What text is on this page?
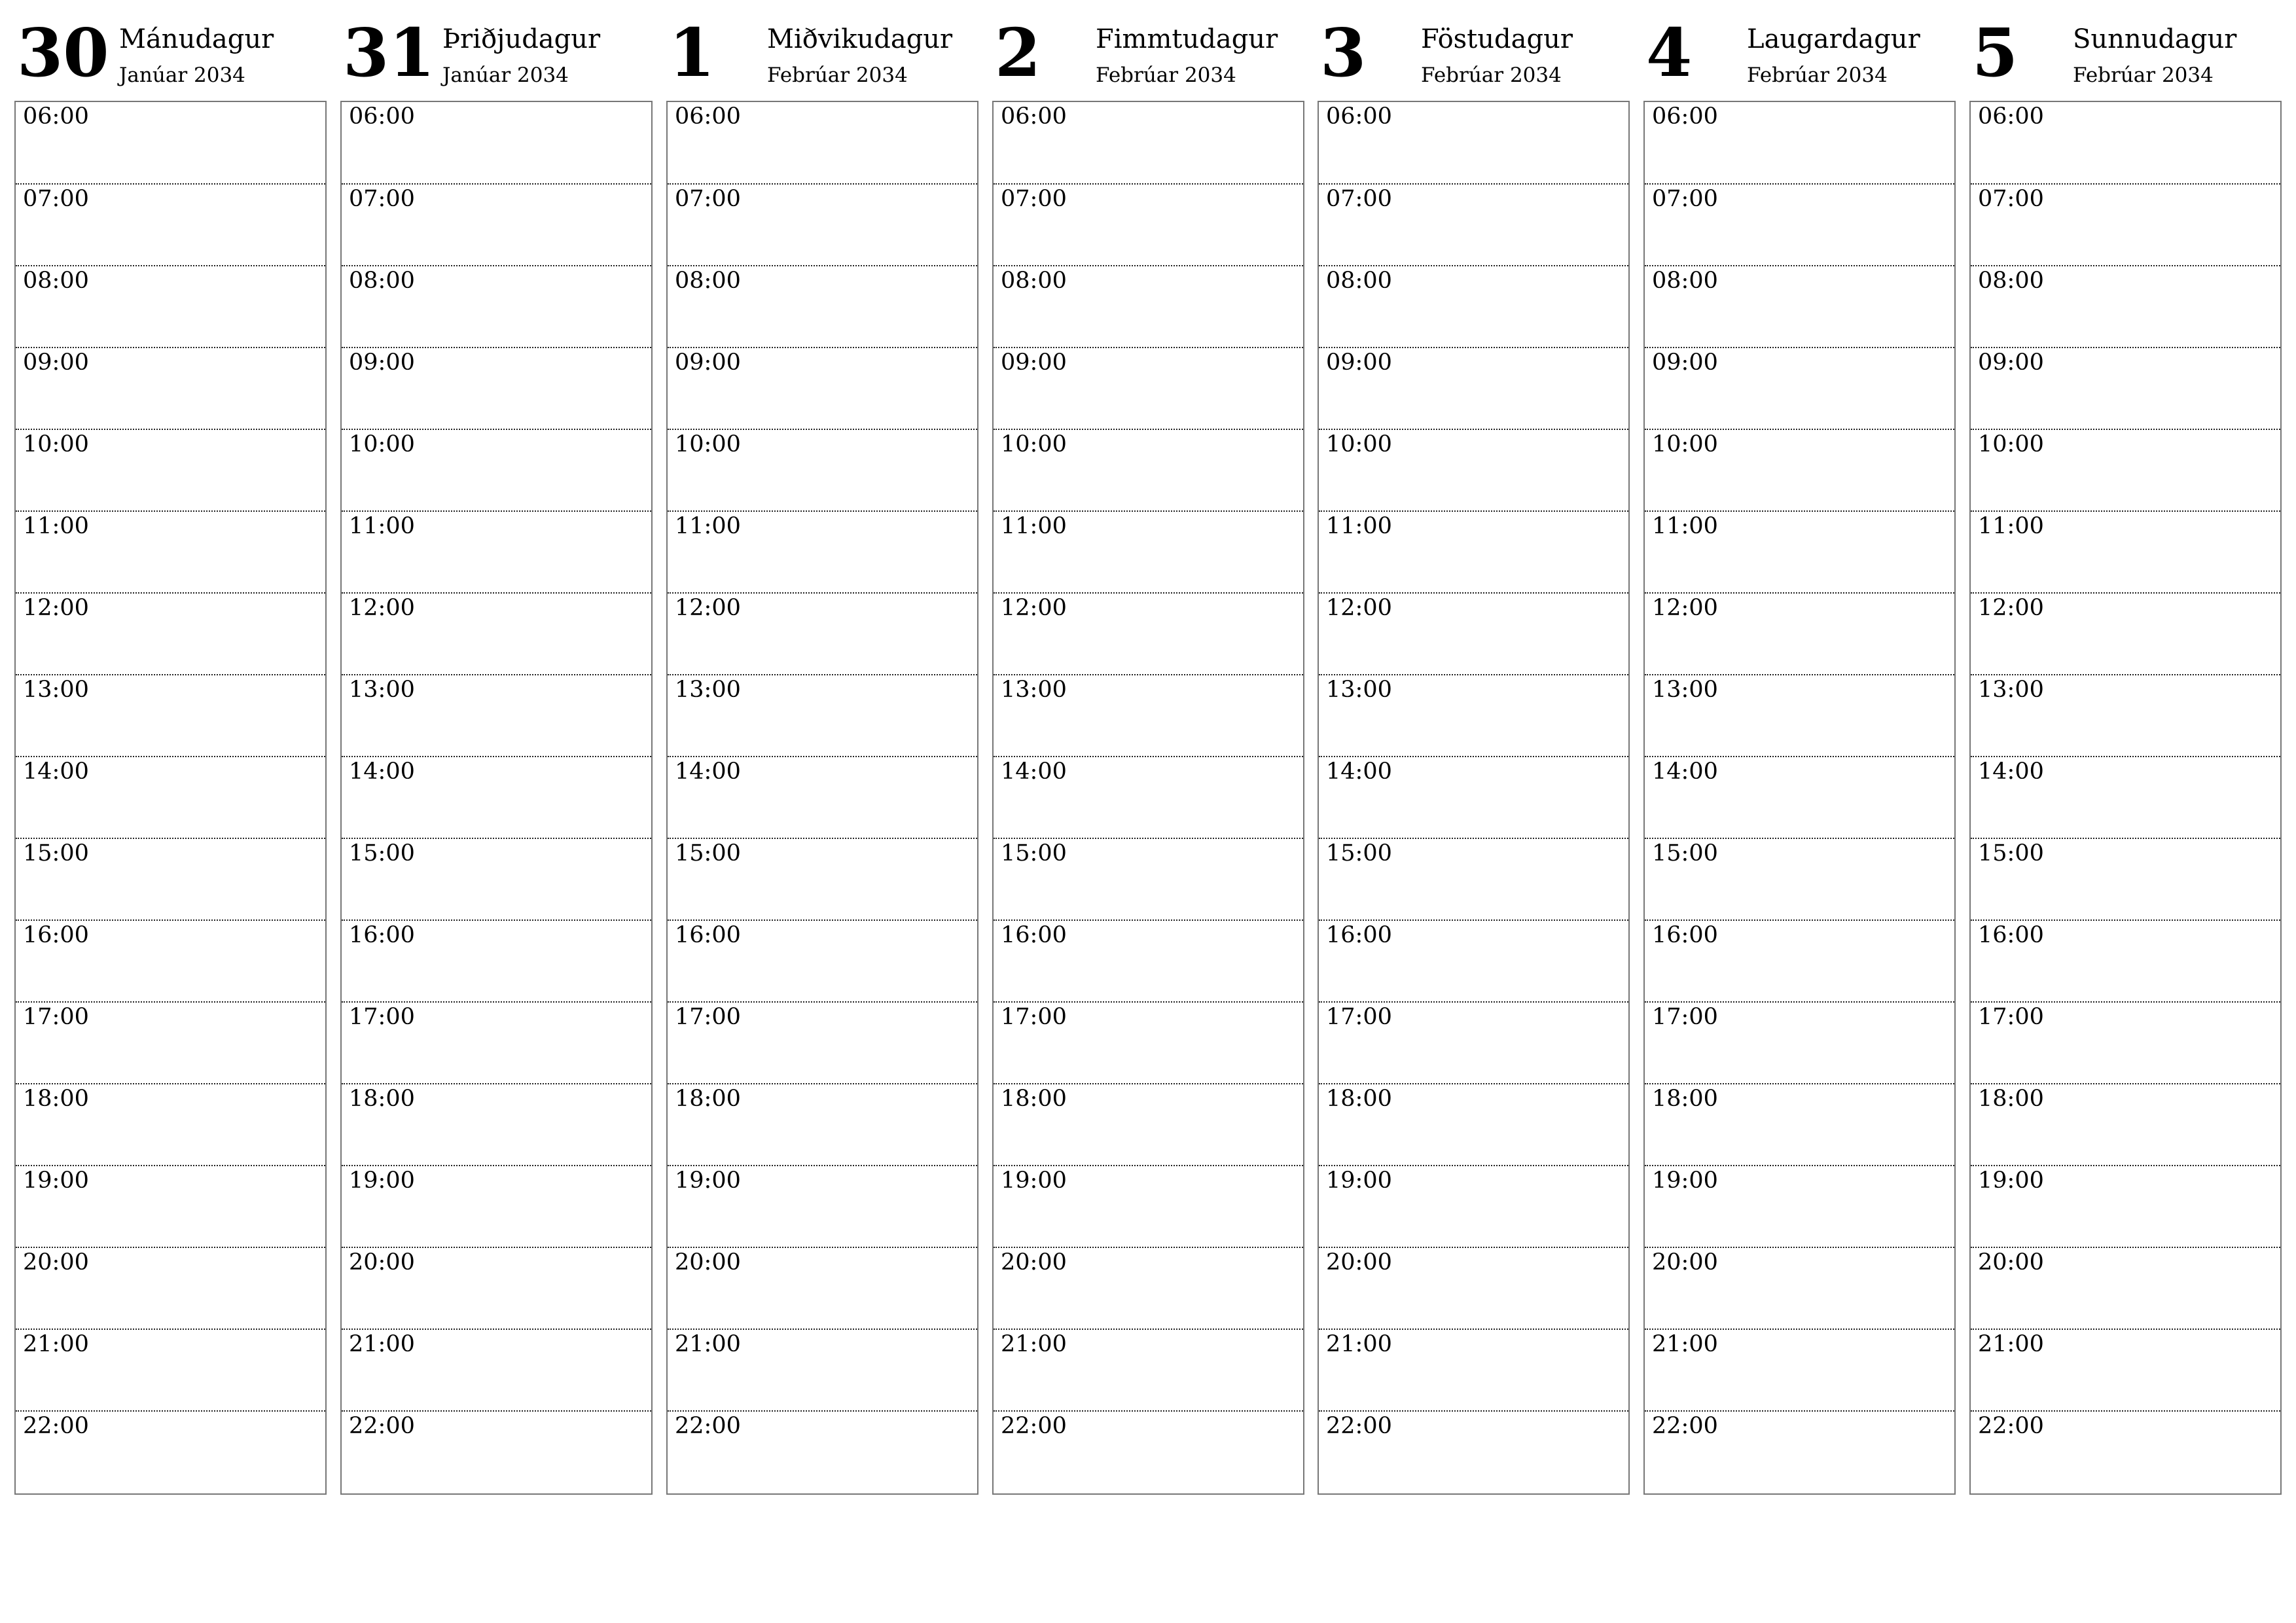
30 Mánudagur
Janúar 2034
06:00
07:00
08:00
09:00
10:00
11:00
12:00
13:00
14:00
15:00
16:00
17:00
18:00
19:00
20:00
21:00
22:00
31 Þriðjudagur
Janúar 2034
06:00
07:00
08:00
09:00
10:00
11:00
12:00
13:00
14:00
15:00
16:00
17:00
18:00
19:00
20:00
21:00
22:00
1 Miðvikudagur
Febrúar 2034
06:00
07:00
08:00
09:00
10:00
11:00
12:00
13:00
14:00
15:00
16:00
17:00
18:00
19:00
20:00
21:00
22:00
2 Fimmtudagur
Febrúar 2034
06:00
07:00
08:00
09:00
10:00
11:00
12:00
13:00
14:00
15:00
16:00
17:00
18:00
19:00
20:00
21:00
22:00
3 Föstudagur
Febrúar 2034
06:00
07:00
08:00
09:00
10:00
11:00
12:00
13:00
14:00
15:00
16:00
17:00
18:00
19:00
20:00
21:00
22:00
4 Laugardagur
Febrúar 2034
06:00
07:00
08:00
09:00
10:00
11:00
12:00
13:00
14:00
15:00
16:00
17:00
18:00
19:00
20:00
21:00
22:00
5 Sunnudagur
Febrúar 2034
06:00
07:00
08:00
09:00
10:00
11:00
12:00
13:00
14:00
15:00
16:00
17:00
18:00
19:00
20:00
21:00
22:00
